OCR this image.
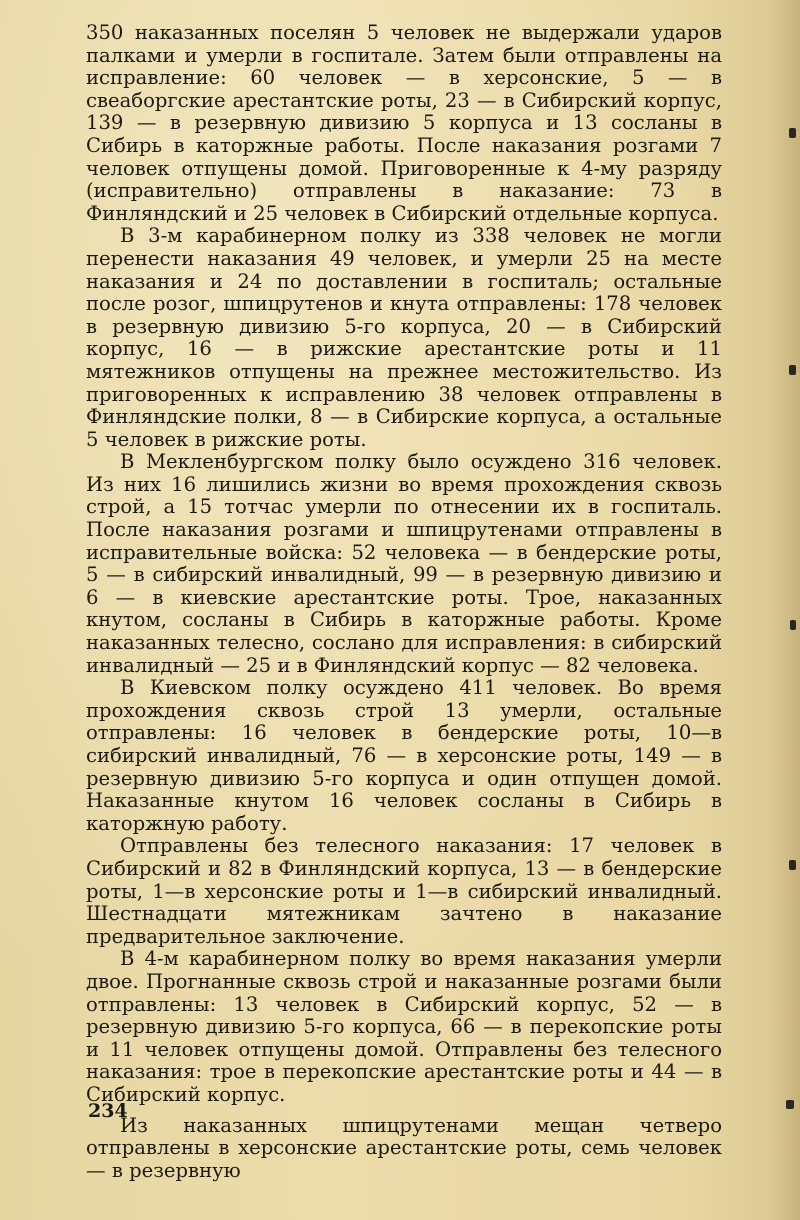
350 наказанных поселян 5 человек не выдержали ударов палками и умерли в госпитале. Затем были отправлены на исправление: 60 человек — в херсонские, 5 — в свеаборгские арестантские роты, 23 — в Сибирский корпус, 139 — в резервную дивизию 5 корпуса и 13 сосланы в Сибирь в каторжные работы. После наказания розгами 7 человек отпущены домой. Приговоренные к 4-му разряду (исправительно) отправлены в наказание: 73 в Финляндский и 25 человек в Сибирский отдельные корпуса.

В 3-м карабинерном полку из 338 человек не могли перенести наказания 49 человек, и умерли 25 на месте наказания и 24 по доставлении в госпиталь; остальные после розог, шпицрутенов и кнута отправлены: 178 человек в резервную дивизию 5-го корпуса, 20 — в Сибирский корпус, 16 — в рижские арестантские роты и 11 мятежников отпущены на прежнее местожительство. Из приговоренных к исправлению 38 человек отправлены в Финляндские полки, 8 — в Сибирские корпуса, а остальные 5 человек в рижские роты.

В Мекленбургском полку было осуждено 316 человек. Из них 16 лишились жизни во время прохождения сквозь строй, а 15 тотчас умерли по отнесении их в госпиталь. После наказания розгами и шпицрутенами отправлены в исправительные войска: 52 человека — в бендерские роты, 5 — в сибирский инвалидный, 99 — в резервную дивизию и 6 — в киевские арестантские роты. Трое, наказанных кнутом, сосланы в Сибирь в каторжные работы. Кроме наказанных телесно, сослано для исправления: в сибирский инвалидный — 25 и в Финляндский корпус — 82 человека.

В Киевском полку осуждено 411 человек. Во время прохождения сквозь строй 13 умерли, остальные отправлены: 16 человек в бендерские роты, 10—в сибирский инвалидный, 76 — в херсонские роты, 149 — в резервную дивизию 5-го корпуса и один отпущен домой. Наказанные кнутом 16 человек сосланы в Сибирь в каторжную работу.

Отправлены без телесного наказания: 17 человек в Сибирский и 82 в Финляндский корпуса, 13 — в бендерские роты, 1—в херсонские роты и 1—в сибирский инвалидный. Шестнадцати мятежникам зачтено в наказание предварительное заключение.

В 4-м карабинерном полку во время наказания умерли двое. Прогнанные сквозь строй и наказанные розгами были отправлены: 13 человек в Сибирский корпус, 52 — в резервную дивизию 5-го корпуса, 66 — в перекопские роты и 11 человек отпущены домой. Отправлены без телесного наказания: трое в перекопские арестантские роты и 44 — в Сибирский корпус.

Из наказанных шпицрутенами мещан четверо отправлены в херсонские арестантские роты, семь человек — в резервную

234
